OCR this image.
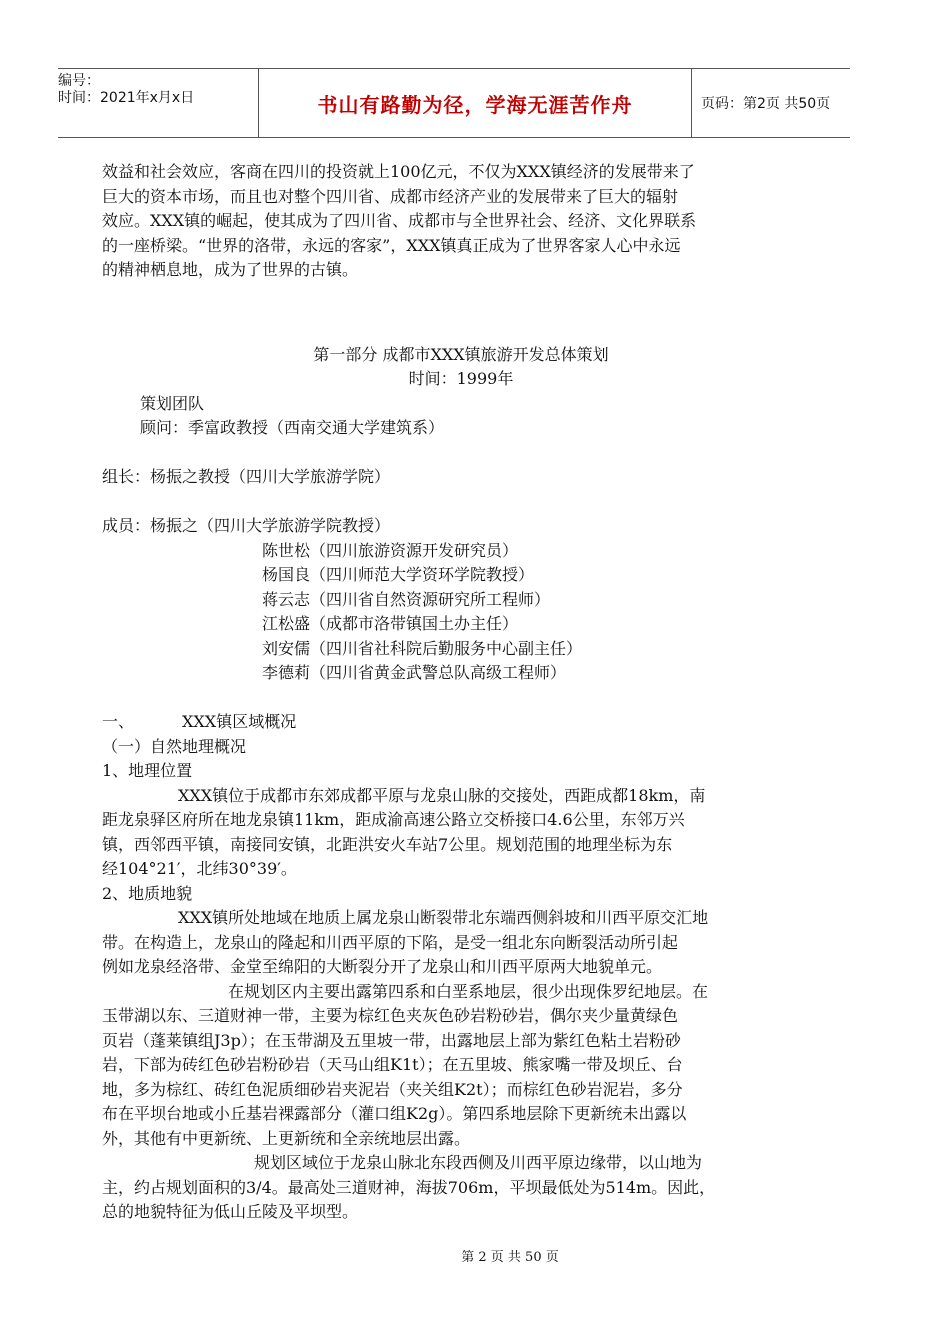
编号：
时间：2021年x月x日	书山有路勤为径，学海无涯苦作舟	页码：第2页 共50页

效益和社会效应，客商在四川的投资就上100亿元，不仅为XXX镇经济的发展带来了

巨大的资本市场，而且也对整个四川省、成都市经济产业的发展带来了巨大的辐射

效应。XXX镇的崛起，使其成为了四川省、成都市与全世界社会、经济、文化界联系

的一座桥梁。“世界的洛带，永远的客家”，XXX镇真正成为了世界客家人心中永远

的精神栖息地，成为了世界的古镇。

第一部分 成都市XXX镇旅游开发总体策划

时间：1999年

策划团队

顾问：季富政教授（西南交通大学建筑系）

组长：杨振之教授（四川大学旅游学院）

成员：杨振之（四川大学旅游学院教授）

陈世松（四川旅游资源开发研究员）

杨国良（四川师范大学资环学院教授）

蒋云志（四川省自然资源研究所工程师）

江松盛（成都市洛带镇国土办主任）

刘安儒（四川省社科院后勤服务中心副主任）

李德莉（四川省黄金武警总队高级工程师）

一、	XXX镇区域概况

（一）自然地理概况

1、地理位置

XXX镇位于成都市东郊成都平原与龙泉山脉的交接处，西距成都18km，南

距龙泉驿区府所在地龙泉镇11km，距成渝高速公路立交桥接口4.6公里，东邻万兴

镇，西邻西平镇，南接同安镇，北距洪安火车站7公里。规划范围的地理坐标为东

经104°21′，北纬30°39′。

2、地质地貌

XXX镇所处地域在地质上属龙泉山断裂带北东端西侧斜坡和川西平原交汇地

带。在构造上，龙泉山的隆起和川西平原的下陷，是受一组北东向断裂活动所引起

例如龙泉经洛带、金堂至绵阳的大断裂分开了龙泉山和川西平原两大地貌单元。

在规划区内主要出露第四系和白垩系地层，很少出现侏罗纪地层。在

玉带湖以东、三道财神一带，主要为棕红色夹灰色砂岩粉砂岩，偶尔夹少量黄绿色

页岩（蓬莱镇组J3p）；在玉带湖及五里坡一带，出露地层上部为紫红色粘土岩粉砂

岩，下部为砖红色砂岩粉砂岩（天马山组K1t）；在五里坡、熊家嘴一带及坝丘、台

地，多为棕红、砖红色泥质细砂岩夹泥岩（夹关组K2t）；而棕红色砂岩泥岩，多分

布在平坝台地或小丘基岩裸露部分（灌口组K2g）。第四系地层除下更新统未出露以

外，其他有中更新统、上更新统和全亲统地层出露。

规划区域位于龙泉山脉北东段西侧及川西平原边缘带，以山地为

主，约占规划面积的3/4。最高处三道财神，海拔706m，平坝最低处为514m。因此，

总的地貌特征为低山丘陵及平坝型。

第 2 页 共 50 页
